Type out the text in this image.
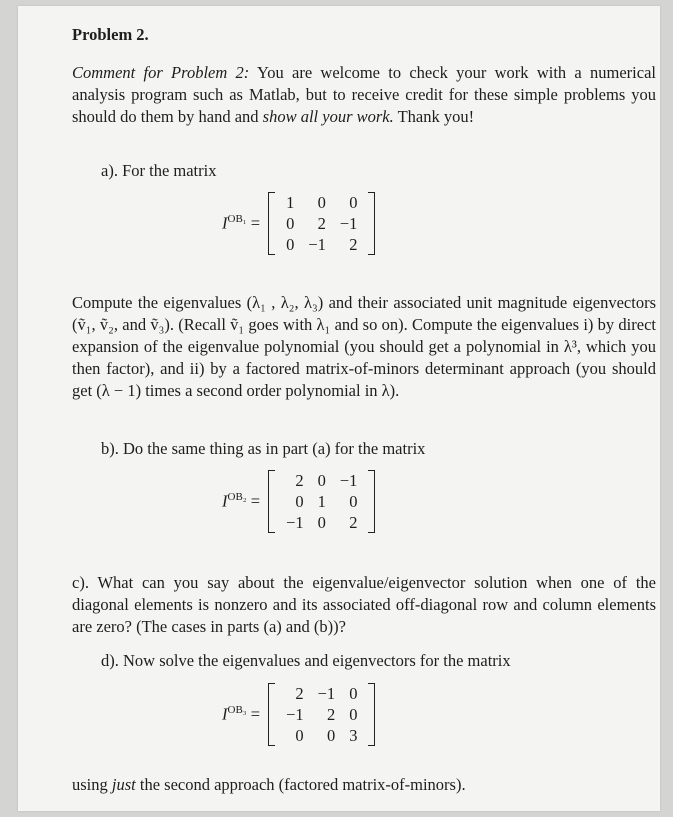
Problem 2.
Comment for Problem 2: You are welcome to check your work with a numerical analysis program such as Matlab, but to receive credit for these simple problems you should do them by hand and show all your work. Thank you!
a). For the matrix
$I^{OB_1}$ =
1	0	0
0	2	−1
0	−1	2
Compute the eigenvalues (λ₁ , λ₂, λ₃) and their associated unit magnitude eigenvectors (ṽ₁, ṽ₂, and ṽ₃). (Recall ṽ₁ goes with λ₁ and so on). Compute the eigenvalues i) by direct expansion of the eigenvalue polynomial (you should get a polynomial in λ³, which you then factor), and ii) by a factored matrix-of-minors determinant approach (you should get (λ − 1) times a second order polynomial in λ).
b). Do the same thing as in part (a) for the matrix
$I^{OB_2}$ =
2	0	−1
0	1	0
−1	0	2
c). What can you say about the eigenvalue/eigenvector solution when one of the diagonal elements is nonzero and its associated off-diagonal row and column elements are zero? (The cases in parts (a) and (b))?
d). Now solve the eigenvalues and eigenvectors for the matrix
$I^{OB_3}$ =
2	−1	0
−1	2	0
0	0	3
using just the second approach (factored matrix-of-minors).
